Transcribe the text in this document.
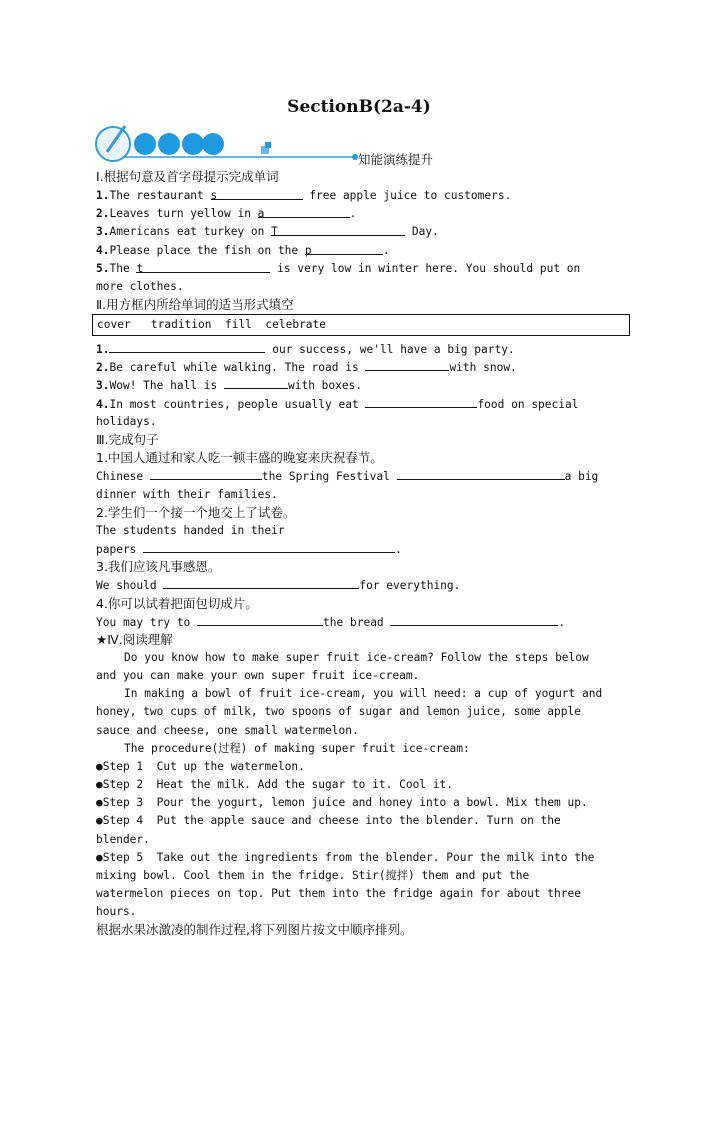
SectionB(2a-4)
知能演练提升
Ⅰ.根据句意及首字母提示完成单词
1.The restaurant s	free apple juice to customers.
2.Leaves turn yellow in a	.
3.Americans eat turkey on T	Day.
4.Please place the fish on the p	.
5.The t	is very low in winter here. You should put on
more clothes.
Ⅱ.用方框内所给单词的适当形式填空
cover   tradition  fill  celebrate
1.	our success, we'll have a big party.
2.Be careful while walking. The road is	with snow.
3.Wow! The hall is	with boxes.
4.In most countries, people usually eat	food on special
holidays.
Ⅲ.完成句子
1.中国人通过和家人吃一顿丰盛的晚宴来庆祝春节。
Chinese	the Spring Festival	a big
dinner with their families.
2.学生们一个接一个地交上了试卷。
The students handed in their
papers	.
3.我们应该凡事感恩。
We should	for everything.
4.你可以试着把面包切成片。
You may try to	the bread	.
★Ⅳ.阅读理解
Do you know how to make super fruit ice-cream? Follow the steps below
and you can make your own super fruit ice-cream.
In making a bowl of fruit ice-cream, you will need: a cup of yogurt and
honey, two cups of milk, two spoons of sugar and lemon juice, some apple
sauce and cheese, one small watermelon.
The procedure(过程) of making super fruit ice-cream:
●Step 1  Cut up the watermelon.
●Step 2  Heat the milk. Add the sugar to it. Cool it.
●Step 3  Pour the yogurt, lemon juice and honey into a bowl. Mix them up.
●Step 4  Put the apple sauce and cheese into the blender. Turn on the
blender.
●Step 5  Take out the ingredients from the blender. Pour the milk into the
mixing bowl. Cool them in the fridge. Stir(搅拌) them and put the
watermelon pieces on top. Put them into the fridge again for about three
hours.
根据水果冰激凌的制作过程,将下列图片按文中顺序排列。
